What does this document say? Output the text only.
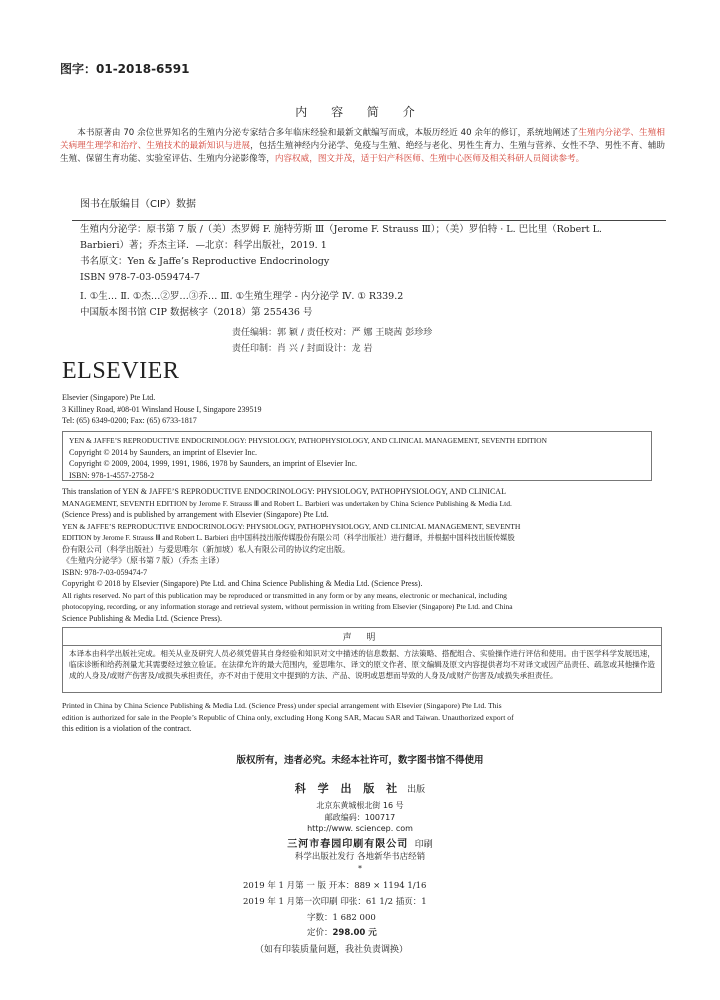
图字：01-2018-6591
内 容 简 介
本书原著由 70 余位世界知名的生殖内分泌专家结合多年临床经验和最新文献编写而成，本版历经近 40 余年的修订，系统地阐述了生殖内分泌学、生殖相关病理生理学和治疗、生殖技术的最新知识与进展，包括生殖神经内分泌学、免疫与生殖、绝经与老化、男性生育力、生殖与营养、女性不孕、男性不育、辅助生殖、保留生育功能、实验室评估、生殖内分泌影像等，内容权威，图文并茂，适于妇产科医师、生殖中心医师及相关科研人员阅读参考。
图书在版编目（CIP）数据
生殖内分泌学：原书第 7 版 /（美）杰罗姆 F. 施特劳斯 Ⅲ（Jerome F. Strauss Ⅲ）；（美）罗伯特 · L. 巴比里（Robert L.
Barbieri）著；乔杰主译．—北京：科学出版社，2019. 1
书名原文：Yen & Jaffe’s Reproductive Endocrinology
ISBN 978-7-03-059474-7
Ⅰ. ①生… Ⅱ. ①杰…②罗…③乔… Ⅲ. ①生殖生理学 - 内分泌学 Ⅳ. ① R339.2
中国版本图书馆 CIP 数据核字（2018）第 255436 号
责任编辑：郭 颖 / 责任校对：严 娜 王晓茜 彭珍珍
责任印制：肖 兴 / 封面设计：龙 岩
ELSEVIER
Elsevier (Singapore) Pte Ltd.
3 Killiney Road, #08-01 Winsland House I, Singapore 239519
Tel: (65) 6349-0200; Fax: (65) 6733-1817
YEN & JAFFE’S REPRODUCTIVE ENDOCRINOLOGY: PHYSIOLOGY, PATHOPHYSIOLOGY, AND CLINICAL MANAGEMENT, SEVENTH EDITION
Copyright © 2014 by Saunders, an imprint of Elsevier Inc.
Copyright © 2009, 2004, 1999, 1991, 1986, 1978 by Saunders, an imprint of Elsevier Inc.
ISBN: 978-1-4557-2758-2
This translation of YEN & JAFFE’S REPRODUCTIVE ENDOCRINOLOGY: PHYSIOLOGY, PATHOPHYSIOLOGY, AND CLINICAL
MANAGEMENT, SEVENTH EDITION by Jerome F. Strauss Ⅲ and Robert L. Barbieri was undertaken by China Science Publishing & Media Ltd.
(Science Press) and is published by arrangement with Elsevier (Singapore) Pte Ltd.
YEN & JAFFE’S REPRODUCTIVE ENDOCRINOLOGY: PHYSIOLOGY, PATHOPHYSIOLOGY, AND CLINICAL MANAGEMENT, SEVENTH
EDITION by Jerome F. Strauss Ⅲ and Robert L. Barbieri 由中国科技出版传媒股份有限公司（科学出版社）进行翻译，并根据中国科技出版传媒股
份有限公司（科学出版社）与爱思唯尔（新加坡）私人有限公司的协议约定出版。
《生殖内分泌学》（原书第 7 版）（乔杰 主译）
ISBN: 978-7-03-059474-7
Copyright © 2018 by Elsevier (Singapore) Pte Ltd. and China Science Publishing & Media Ltd. (Science Press).
All rights reserved. No part of this publication may be reproduced or transmitted in any form or by any means, electronic or mechanical, including
photocopying, recording, or any information storage and retrieval system, without permission in writing from Elsevier (Singapore) Pte Ltd. and China
Science Publishing & Media Ltd. (Science Press).
声 明
本译本由科学出版社完成。相关从业及研究人员必须凭借其自身经验和知识对文中描述的信息数据、方法策略、搭配组合、实验操作进行评估和使用。由于医学科学发展迅速，临床诊断和给药剂量尤其需要经过独立验证。在法律允许的最大范围内，爱思唯尔、译文的原文作者、原文编辑及原文内容提供者均不对译文或因产品责任、疏忽或其他操作造成的人身及/或财产伤害及/或损失承担责任，亦不对由于使用文中提到的方法、产品、说明或思想而导致的人身及/或财产伤害及/或损失承担责任。
Printed in China by China Science Publishing & Media Ltd. (Science Press) under special arrangement with Elsevier (Singapore) Pte Ltd. This
edition is authorized for sale in the People’s Republic of China only, excluding Hong Kong SAR, Macau SAR and Taiwan. Unauthorized export of
this edition is a violation of the contract.
版权所有，违者必究。未经本社许可，数字图书馆不得使用
科 学 出 版 社 出版
北京东黄城根北街 16 号
邮政编码：100717
http://www. sciencep. com
三河市春园印刷有限公司 印刷
科学出版社发行 各地新华书店经销
*
2019 年 1 月第 一 版 开本：889 × 1194 1/16
2019 年 1 月第一次印刷 印张：61 1/2 插页：1
字数：1 682 000
定价：298.00 元
（如有印装质量问题，我社负责调换）
